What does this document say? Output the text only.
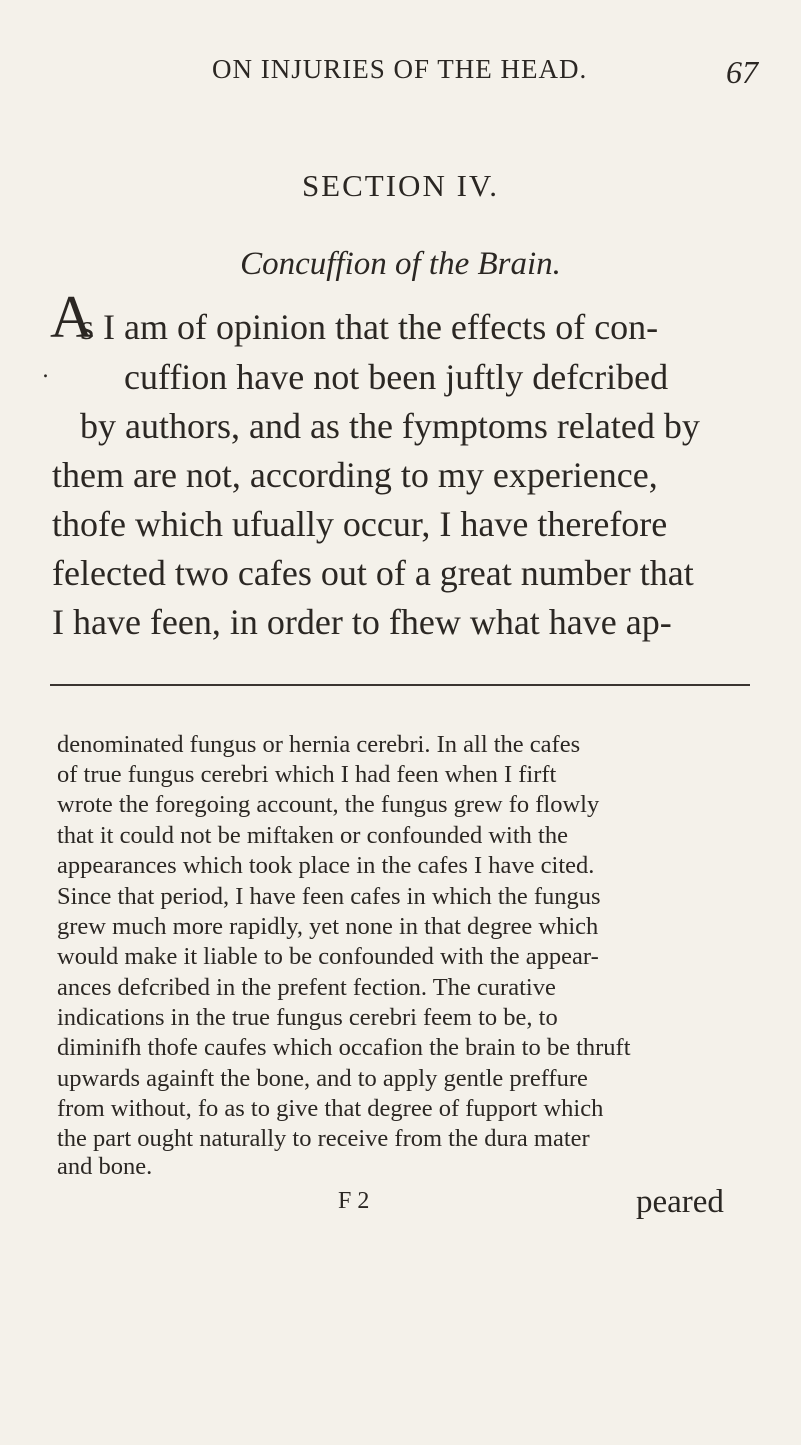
ON INJURIES OF THE HEAD.	67
SECTION IV.
Concuffion of the Brain.
A
.
s I am of opinion that the effects of con-
cuffion have not been juftly defcribed
by authors, and as the fymptoms related by
them are not, according to my experience,
thofe which ufually occur, I have therefore
felected two cafes out of a great number that
I have feen, in order to fhew what have ap-
denominated fungus or hernia cerebri. In all the cafes
of true fungus cerebri which I had feen when I firft
wrote the foregoing account, the fungus grew fo flowly
that it could not be miftaken or confounded with the
appearances which took place in the cafes I have cited.
Since that period, I have feen cafes in which the fungus
grew much more rapidly, yet none in that degree which
would make it liable to be confounded with the appear-
ances defcribed in the prefent fection. The curative
indications in the true fungus cerebri feem to be, to
diminifh thofe caufes which occafion the brain to be thruft
upwards againft the bone, and to apply gentle preffure
from without, fo as to give that degree of fupport which
the part ought naturally to receive from the dura mater
and bone.
F 2	peared
